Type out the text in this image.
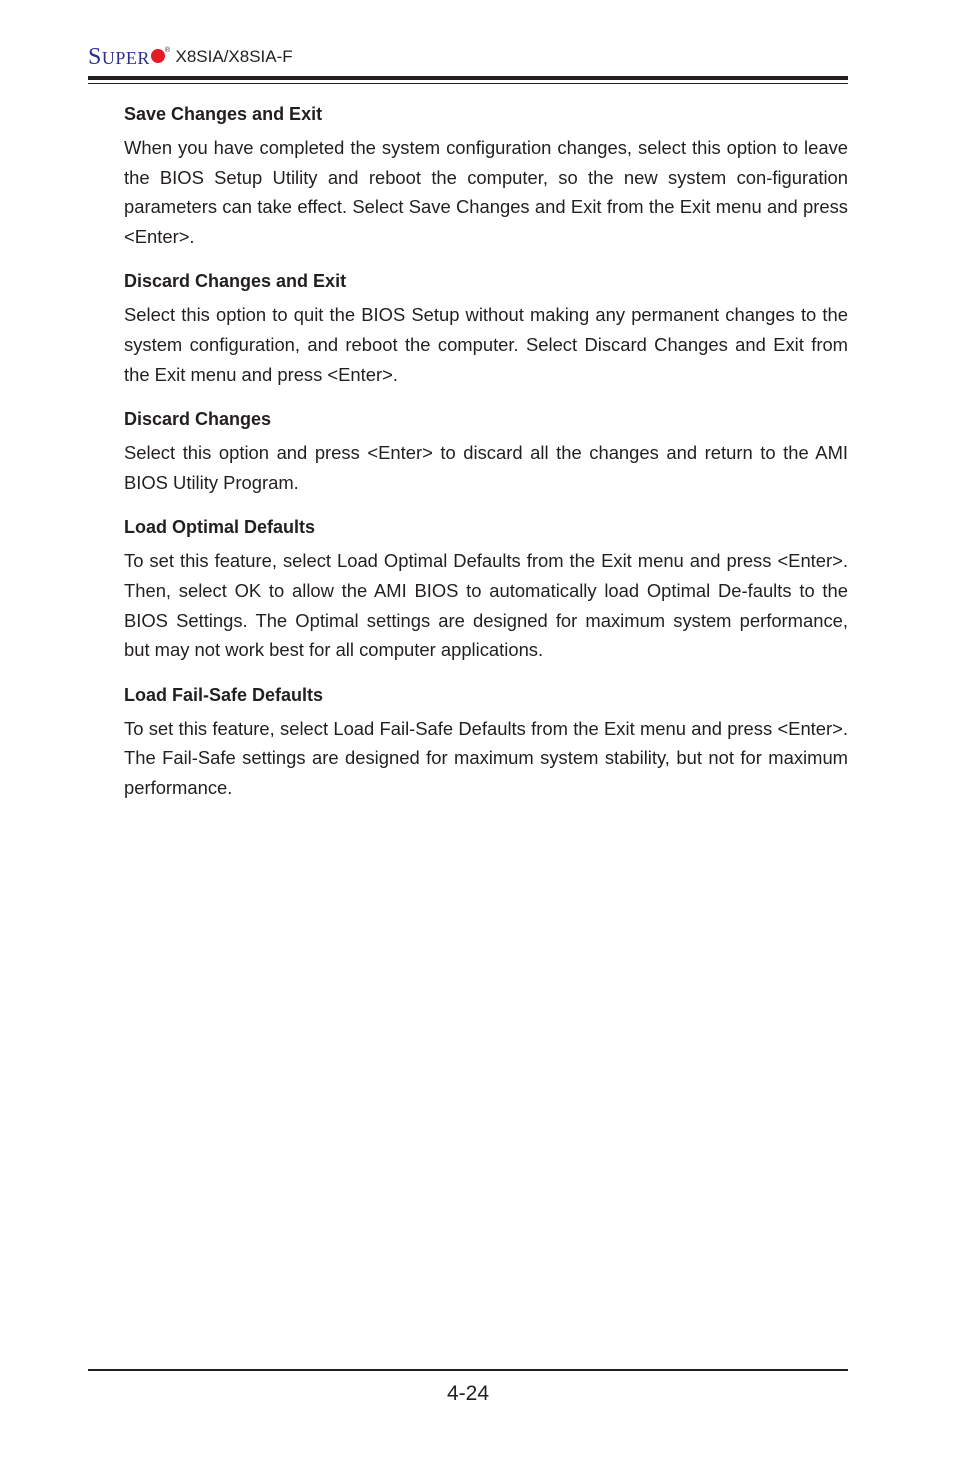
SUPER ® X8SIA/X8SIA-F
Save Changes and Exit

When you have completed the system configuration changes, select this option to leave the BIOS Setup Utility and reboot the computer, so the new system con-figuration parameters can take effect. Select Save Changes and Exit from the Exit menu and press <Enter>.

Discard Changes and Exit

Select this option to quit the BIOS Setup without making any permanent changes to the system configuration, and reboot the computer. Select Discard Changes and Exit from the Exit menu and press <Enter>.

Discard Changes

Select this option and press <Enter> to discard all the changes and return to the AMI BIOS Utility Program.

Load Optimal Defaults

To set this feature, select Load Optimal Defaults from the Exit menu and press <Enter>. Then, select OK to allow the AMI BIOS to automatically load Optimal De-faults to the BIOS Settings. The Optimal settings are designed for maximum system performance, but may not work best for all computer applications.

Load Fail-Safe Defaults

To set this feature, select Load Fail-Safe Defaults from the Exit menu and press <Enter>. The Fail-Safe settings are designed for maximum system stability, but not for maximum performance.

4-24
